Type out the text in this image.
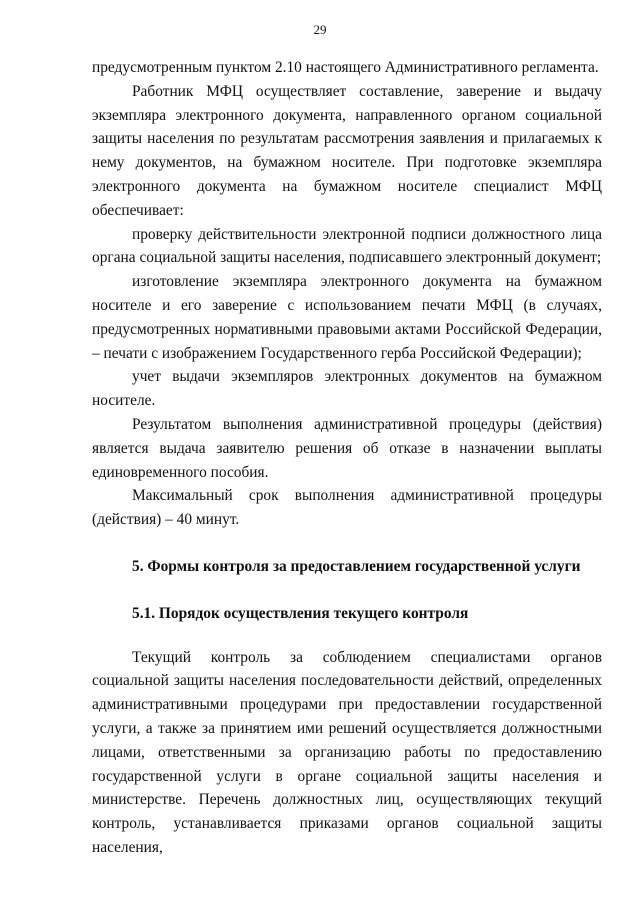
29

предусмотренным пунктом 2.10 настоящего Административного регламента.

Работник МФЦ осуществляет составление, заверение и выдачу экземпляра электронного документа, направленного органом социальной защиты населения по результатам рассмотрения заявления и прилагаемых к нему документов, на бумажном носителе. При подготовке экземпляра электронного документа на бумажном носителе специалист МФЦ обеспечивает:

проверку действительности электронной подписи должностного лица органа социальной защиты населения, подписавшего электронный документ;

изготовление экземпляра электронного документа на бумажном носителе и его заверение с использованием печати МФЦ (в случаях, предусмотренных нормативными правовыми актами Российской Федерации, – печати с изображением Государственного герба Российской Федерации);

учет выдачи экземпляров электронных документов на бумажном носителе.

Результатом выполнения административной процедуры (действия) является выдача заявителю решения об отказе в назначении выплаты единовременного пособия.

Максимальный срок выполнения административной процедуры (действия) – 40 минут.

5. Формы контроля за предоставлением государственной услуги

5.1. Порядок осуществления текущего контроля

Текущий контроль за соблюдением специалистами органов социальной защиты населения последовательности действий, определенных административными процедурами при предоставлении государственной услуги, а также за принятием ими решений осуществляется должностными лицами, ответственными за организацию работы по предоставлению государственной услуги в органе социальной защиты населения и министерстве. Перечень должностных лиц, осуществляющих текущий контроль, устанавливается приказами органов социальной защиты населения,
